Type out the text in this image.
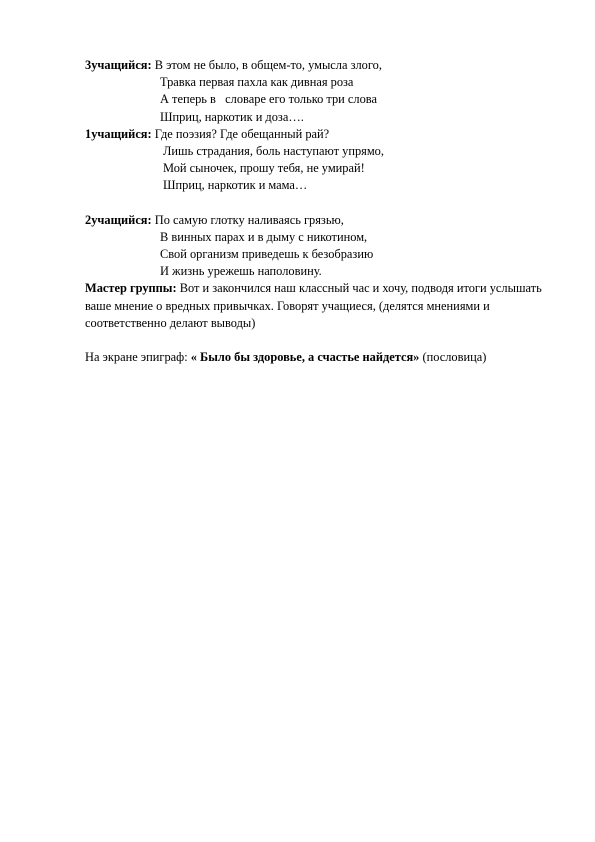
3учащийся: В этом не было, в общем-то, умысла злого,
Травка первая пахла как дивная роза
А теперь в   словаре его только три слова
Шприц, наркотик и доза….
1учащийся: Где поэзия? Где обещанный рай?
Лишь страдания, боль наступают упрямо,
Мой сыночек, прошу тебя, не умирай!
Шприц, наркотик и мама…
2учащийся: По самую глотку наливаясь грязью,
В винных парах и в дыму с никотином,
Свой организм приведешь к безобразию
И жизнь урежешь наполовину.
Мастер группы: Вот и закончился наш классный час и хочу, подводя итоги услышать ваше мнение о вредных привычках. Говорят учащиеся, (делятся мнениями и соответственно делают выводы)
На экране эпиграф: « Было бы здоровье, а счастье найдется» (пословица)
